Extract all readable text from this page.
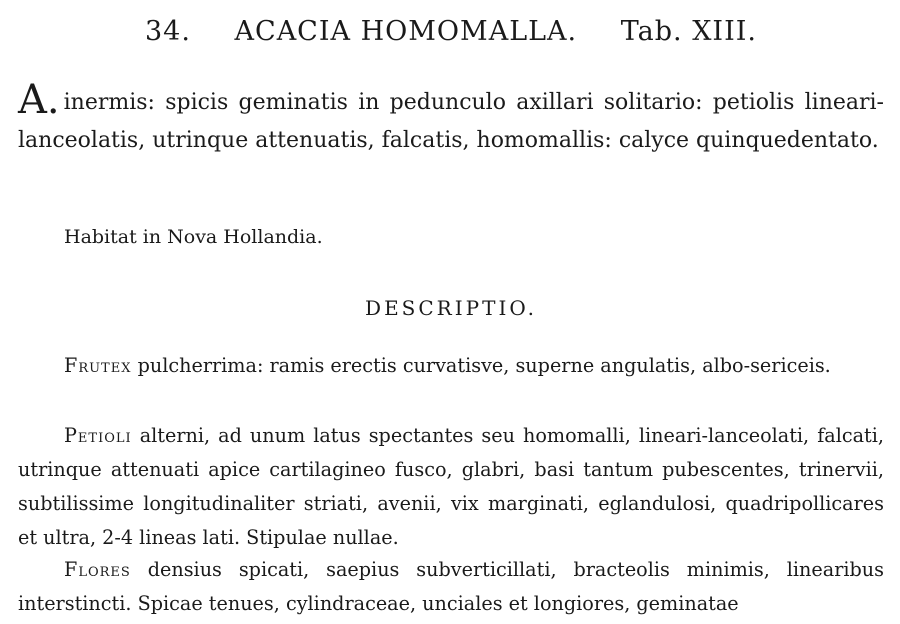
34. ACACIA HOMOMALLA. Tab. XIII.
A. inermis: spicis geminatis in pedunculo axillari solitario: petiolis lineari-lanceolatis, utrinque attenuatis, falcatis, homomallis: calyce quinquedentato.
Habitat in Nova Hollandia.
DESCRIPTIO.
Frutex pulcherrima: ramis erectis curvatisve, superne angulatis, albo-sericeis.
Petioli alterni, ad unum latus spectantes seu homomalli, lineari-lanceolati, falcati, utrinque attenuati apice cartilagineo fusco, glabri, basi tantum pubescentes, trinervii, subtilissime longitudinaliter striati, avenii, vix marginati, eglandulosi, quadripollicares et ultra, 2-4 lineas lati. Stipulae nullae.
Flores densius spicati, saepius subverticillati, bracteolis minimis, linearibus interstincti. Spicae tenues, cylindraceae, unciales et longiores, geminatae
